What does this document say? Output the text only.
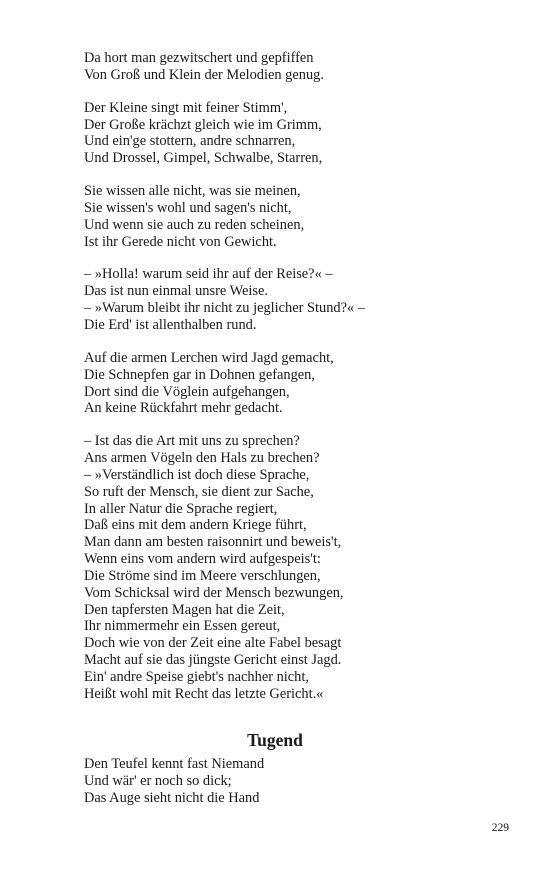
Da hort man gezwitschert und gepfiffen
Von Groß und Klein der Melodien genug.
Der Kleine singt mit feiner Stimm',
Der Große krächzt gleich wie im Grimm,
Und ein'ge stottern, andre schnarren,
Und Drossel, Gimpel, Schwalbe, Starren,
Sie wissen alle nicht, was sie meinen,
Sie wissen's wohl und sagen's nicht,
Und wenn sie auch zu reden scheinen,
Ist ihr Gerede nicht von Gewicht.
– »Holla! warum seid ihr auf der Reise?« –
Das ist nun einmal unsre Weise.
– »Warum bleibt ihr nicht zu jeglicher Stund?« –
Die Erd' ist allenthalben rund.
Auf die armen Lerchen wird Jagd gemacht,
Die Schnepfen gar in Dohnen gefangen,
Dort sind die Vöglein aufgehangen,
An keine Rückfahrt mehr gedacht.
– Ist das die Art mit uns zu sprechen?
Ans armen Vögeln den Hals zu brechen?
– »Verständlich ist doch diese Sprache,
So ruft der Mensch, sie dient zur Sache,
In aller Natur die Sprache regiert,
Daß eins mit dem andern Kriege führt,
Man dann am besten raisonnirt und beweis't,
Wenn eins vom andern wird aufgespeis't:
Die Ströme sind im Meere verschlungen,
Vom Schicksal wird der Mensch bezwungen,
Den tapfersten Magen hat die Zeit,
Ihr nimmermehr ein Essen gereut,
Doch wie von der Zeit eine alte Fabel besagt
Macht auf sie das jüngste Gericht einst Jagd.
Ein' andre Speise giebt's nachher nicht,
Heißt wohl mit Recht das letzte Gericht.«
Tugend
Den Teufel kennt fast Niemand
Und wär' er noch so dick;
Das Auge sieht nicht die Hand
229
